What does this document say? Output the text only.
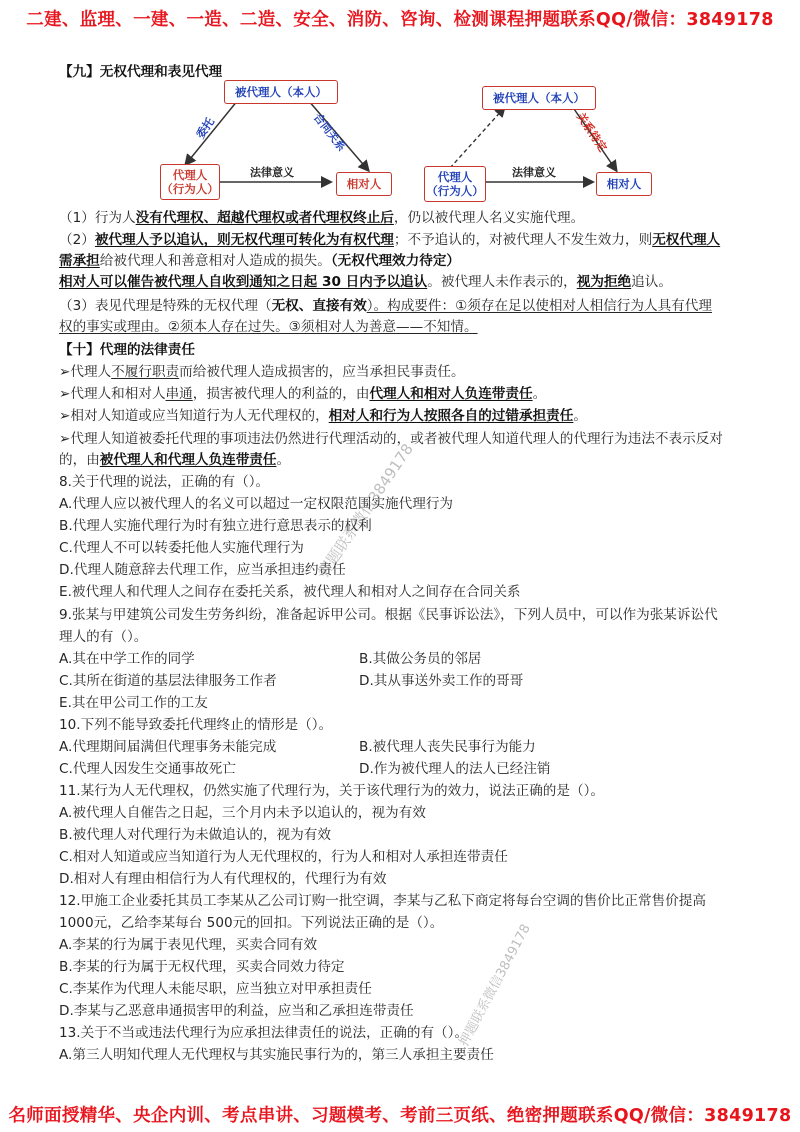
二建、监理、一建、一造、二造、安全、消防、咨询、检测课程押题联系QQ/微信：3849178
【九】无权代理和表见代理
被代理人（本人）
代理人
（行为人）	相对人
委托	合同关系
法律意义
被代理人（本人）
代理人
（行为人）	相对人
关系待定
法律意义
（1）行为人没有代理权、超越代理权或者代理权终止后，仍以被代理人名义实施代理。
（2）被代理人予以追认，则无权代理可转化为有权代理；不予追认的，对被代理人不发生效力，则无权代理人
需承担给被代理人和善意相对人造成的损失。（无权代理效力待定）
相对人可以催告被代理人自收到通知之日起 30 日内予以追认。被代理人未作表示的，视为拒绝追认。
（3）表见代理是特殊的无权代理（无权、直接有效）。构成要件：①须存在足以使相对人相信行为人具有代理
权的事实或理由。②须本人存在过失。③须相对人为善意——不知情。
【十】代理的法律责任
➢代理人不履行职责而给被代理人造成损害的，应当承担民事责任。
➢代理人和相对人串通，损害被代理人的利益的，由代理人和相对人负连带责任。
➢相对人知道或应当知道行为人无代理权的，相对人和行为人按照各自的过错承担责任。
➢代理人知道被委托代理的事项违法仍然进行代理活动的，或者被代理人知道代理人的代理行为违法不表示反对
的，由被代理人和代理人负连带责任。
8.关于代理的说法，正确的有（）。
A.代理人应以被代理人的名义可以超过一定权限范围实施代理行为
B.代理人实施代理行为时有独立进行意思表示的权利
C.代理人不可以转委托他人实施代理行为
D.代理人随意辞去代理工作，应当承担违约责任
E.被代理人和代理人之间存在委托关系，被代理人和相对人之间存在合同关系
9.张某与甲建筑公司发生劳务纠纷，准备起诉甲公司。根据《民事诉讼法》，下列人员中，可以作为张某诉讼代
理人的有（）。
A.其在中学工作的同学	B.其做公务员的邻居
C.其所在街道的基层法律服务工作者	D.其从事送外卖工作的哥哥
E.其在甲公司工作的工友
10.下列不能导致委托代理终止的情形是（）。
A.代理期间届满但代理事务未能完成	B.被代理人丧失民事行为能力
C.代理人因发生交通事故死亡	D.作为被代理人的法人已经注销
11.某行为人无代理权，仍然实施了代理行为，关于该代理行为的效力，说法正确的是（）。
A.被代理人自催告之日起，三个月内未予以追认的，视为有效
B.被代理人对代理行为未做追认的，视为有效
C.相对人知道或应当知道行为人无代理权的，行为人和相对人承担连带责任
D.相对人有理由相信行为人有代理权的，代理行为有效
12.甲施工企业委托其员工李某从乙公司订购一批空调，李某与乙私下商定将每台空调的售价比正常售价提高
1000元，乙给李某每台 500元的回扣。下列说法正确的是（）。
A.李某的行为属于表见代理，买卖合同有效
B.李某的行为属于无权代理，买卖合同效力待定
C.李某作为代理人未能尽职，应当独立对甲承担责任
D.李某与乙恶意串通损害甲的利益，应当和乙承担连带责任
13.关于不当或违法代理行为应承担法律责任的说法，正确的有（）。
A.第三人明知代理人无代理权与其实施民事行为的，第三人承担主要责任
押题联系微信3849178
押题联系微信3849178
名师面授精华、央企内训、考点串讲、习题模考、考前三页纸、绝密押题联系QQ/微信：3849178
